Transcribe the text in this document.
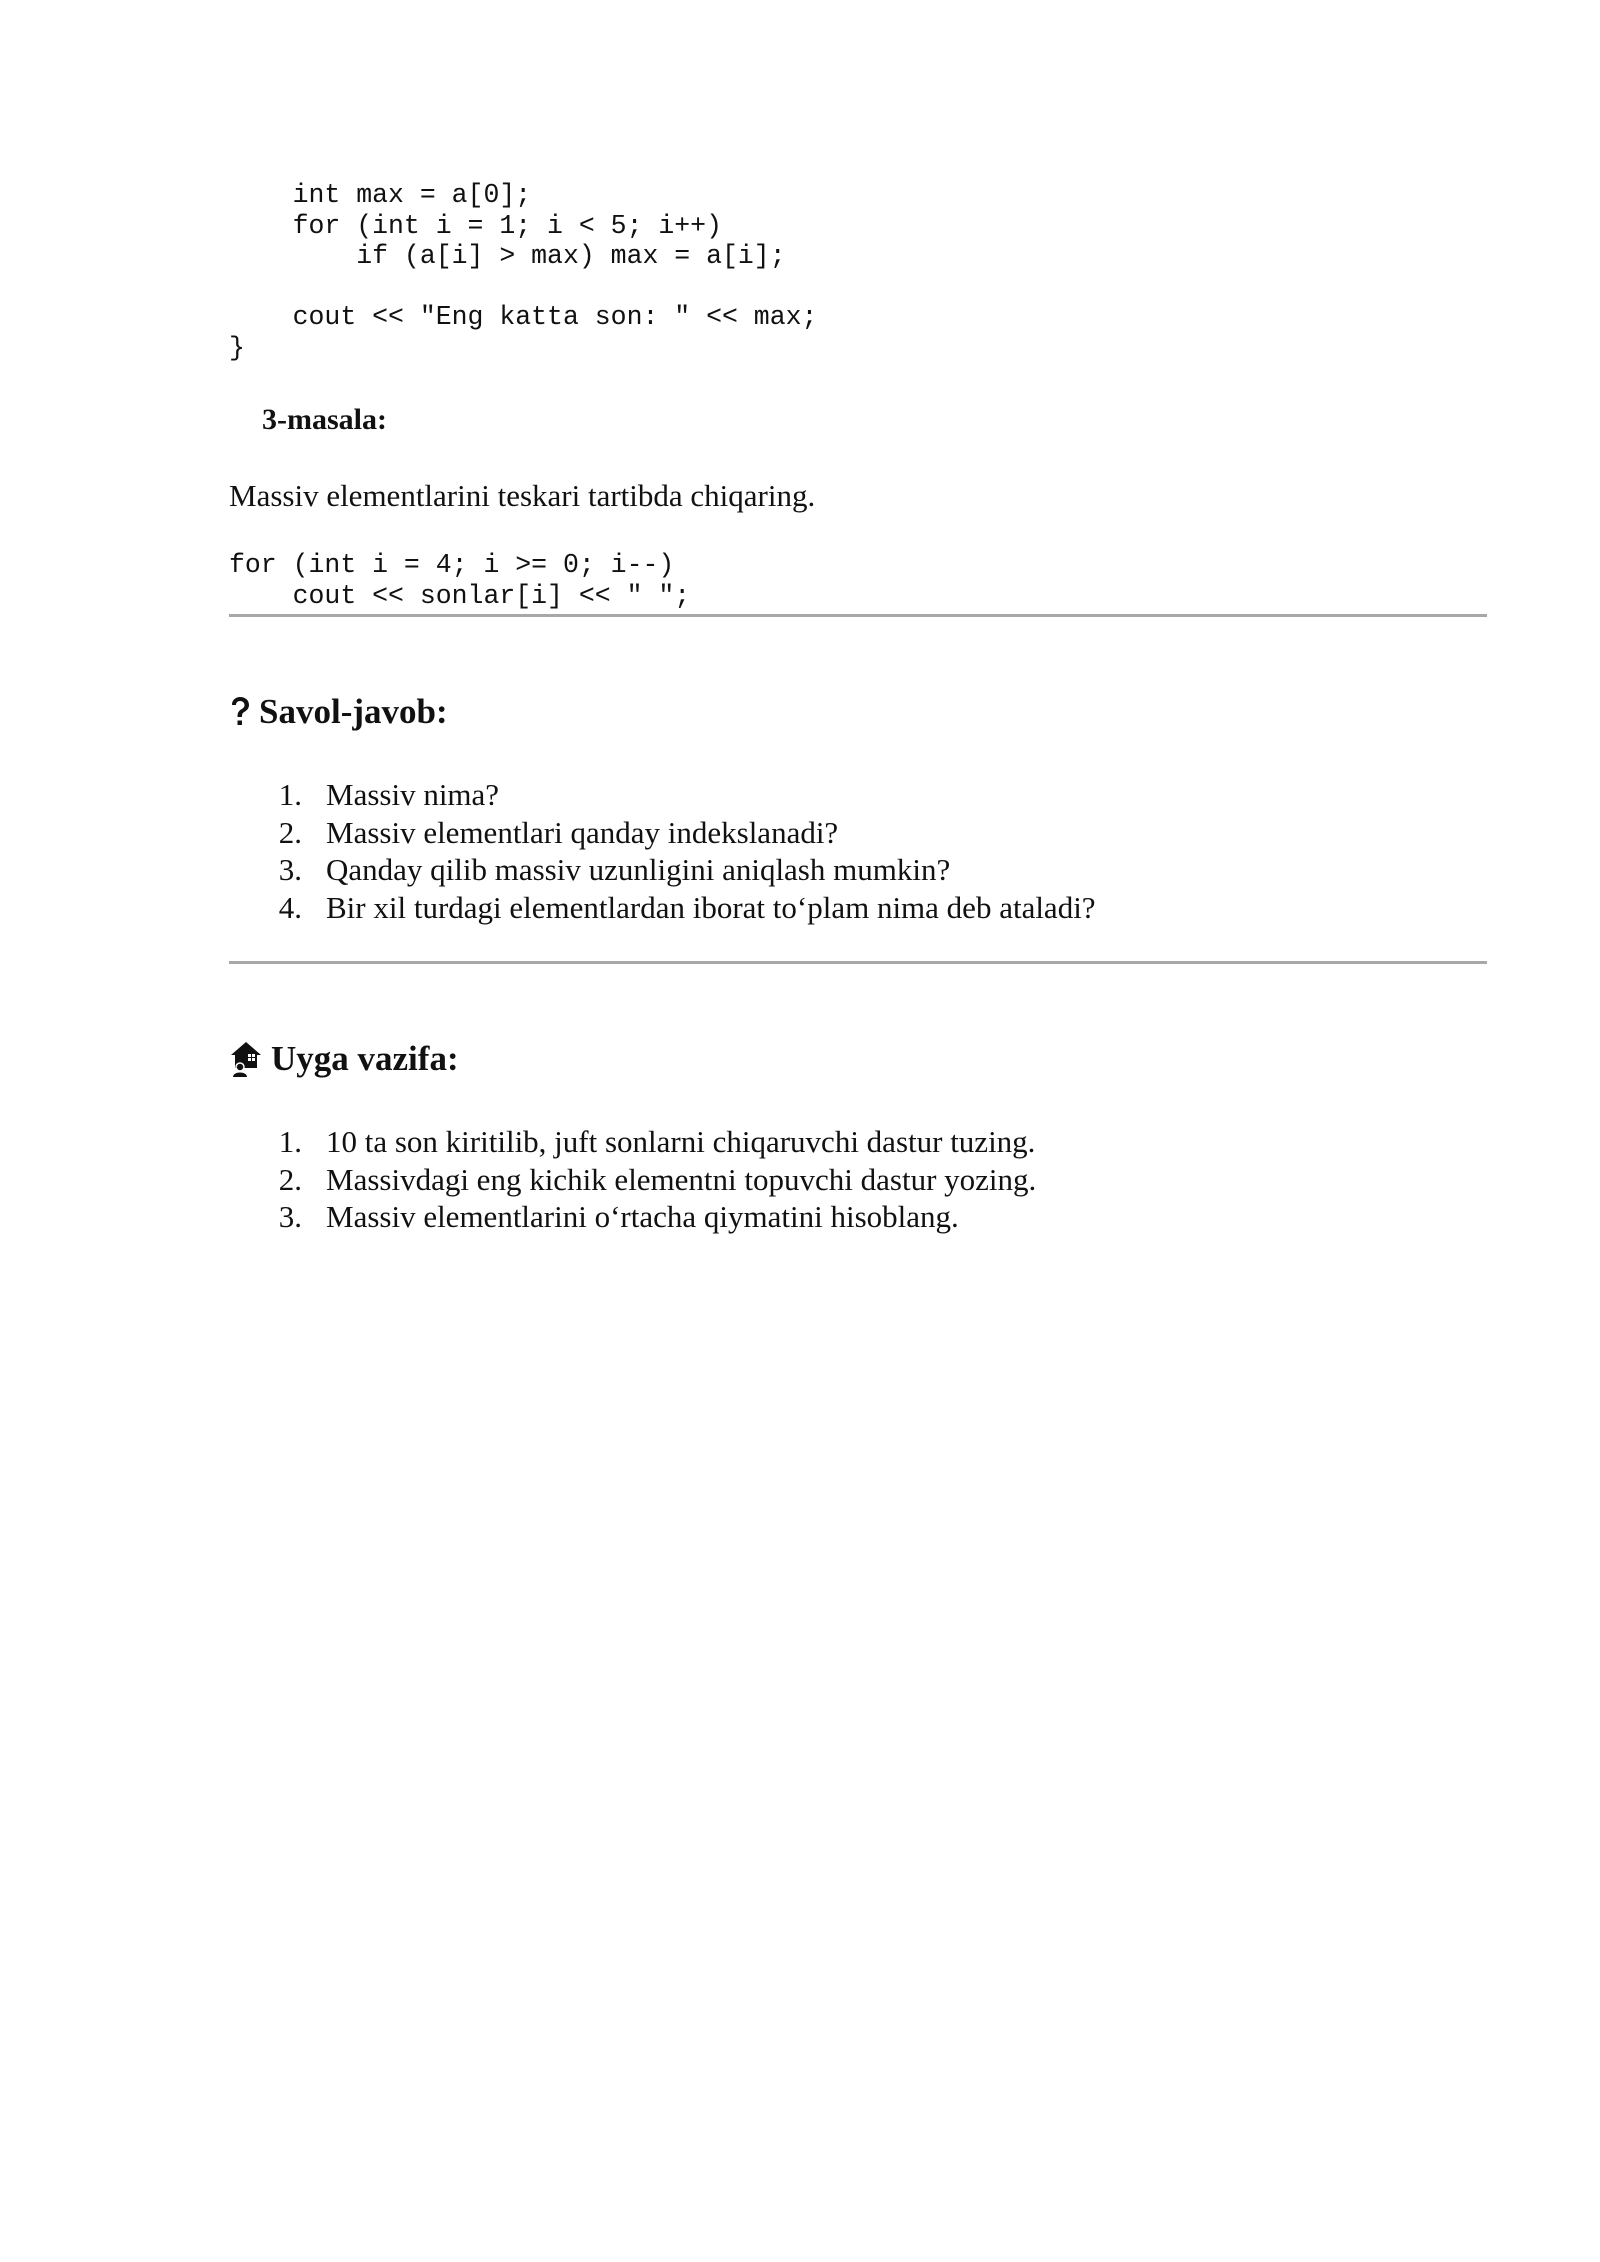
int max = a[0];
for (int i = 1; i < 5; i++)
if (a[i] > max) max = a[i];

cout << "Eng katta son: " << max;
}
3-masala:

Massiv elementlarini teskari tartibda chiqaring.

for (int i = 4; i >= 0; i--)
cout << sonlar[i] << " ";
Savol-javob:
1. Massiv nima?
2. Massiv elementlari qanday indekslanadi?
3. Qanday qilib massiv uzunligini aniqlash mumkin?
4. Bir xil turdagi elementlardan iborat to‘plam nima deb ataladi?
Uyga vazifa:
1. 10 ta son kiritilib, juft sonlarni chiqaruvchi dastur tuzing.
2. Massivdagi eng kichik elementni topuvchi dastur yozing.
3. Massiv elementlarini o‘rtacha qiymatini hisoblang.
